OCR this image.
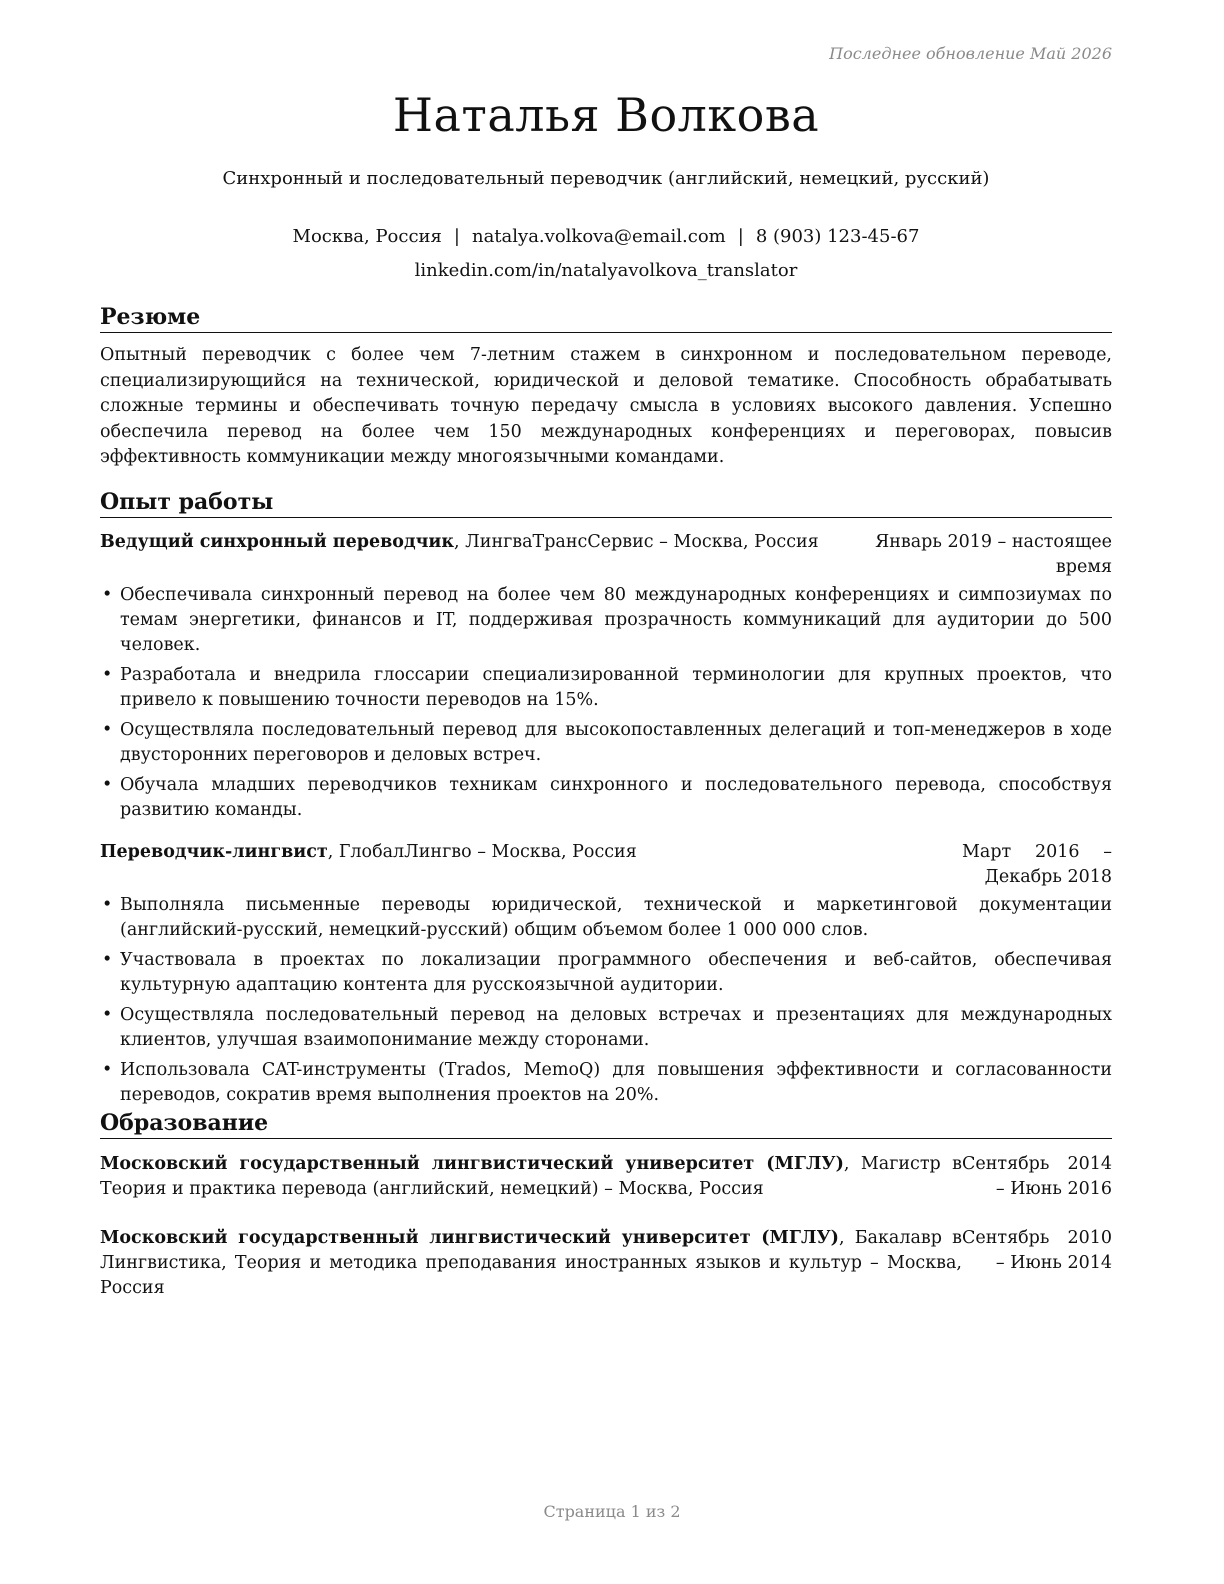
Последнее обновление Май 2026
Наталья Волкова
Синхронный и последовательный переводчик (английский, немецкий, русский)
Москва, Россия | natalya.volkova@email.com | 8 (903) 123-45-67
linkedin.com/in/natalyavolkova_translator
Резюме

Опытный переводчик с более чем 7-летним стажем в синхронном и последовательном переводе, специализирующийся на технической, юридической и деловой тематике. Способность обрабатывать сложные термины и обеспечивать точную передачу смысла в условиях высокого давления. Успешно обеспечила перевод на более чем 150 международных конференциях и переговорах, повысив эффективность коммуникации между многоязычными командами.

Опыт работы
Ведущий синхронный переводчик, ЛингваТрансСервис – Москва, Россия	Январь 2019 – настоящее время
• Обеспечивала синхронный перевод на более чем 80 международных конференциях и симпозиумах по темам энергетики, финансов и IT, поддерживая прозрачность коммуникаций для аудитории до 500 человек.
• Разработала и внедрила глоссарии специализированной терминологии для крупных проектов, что привело к повышению точности переводов на 15%.
• Осуществляла последовательный перевод для высокопоставленных делегаций и топ-менеджеров в ходе двусторонних переговоров и деловых встреч.
• Обучала младших переводчиков техникам синхронного и последовательного перевода, способствуя развитию команды.
Переводчик-лингвист, ГлобалЛингво – Москва, Россия	Март 2016 – Декабрь 2018
• Выполняла письменные переводы юридической, технической и маркетинговой документации (английский-русский, немецкий-русский) общим объемом более 1 000 000 слов.
• Участвовала в проектах по локализации программного обеспечения и веб-сайтов, обеспечивая культурную адаптацию контента для русскоязычной аудитории.
• Осуществляла последовательный перевод на деловых встречах и презентациях для международных клиентов, улучшая взаимопонимание между сторонами.
• Использовала CAT-инструменты (Trados, MemoQ) для повышения эффективности и согласованности переводов, сократив время выполнения проектов на 20%.
Образование
Московский государственный лингвистический университет (МГЛУ), Магистр в Теория и практика перевода (английский, немецкий) – Москва, Россия
Сентябрь 2014 – Июнь 2016
Московский государственный лингвистический университет (МГЛУ), Бакалавр в Лингвистика, Теория и методика преподавания иностранных языков и культур – Москва, Россия
Сентябрь 2010 – Июнь 2014
Страница 1 из 2
